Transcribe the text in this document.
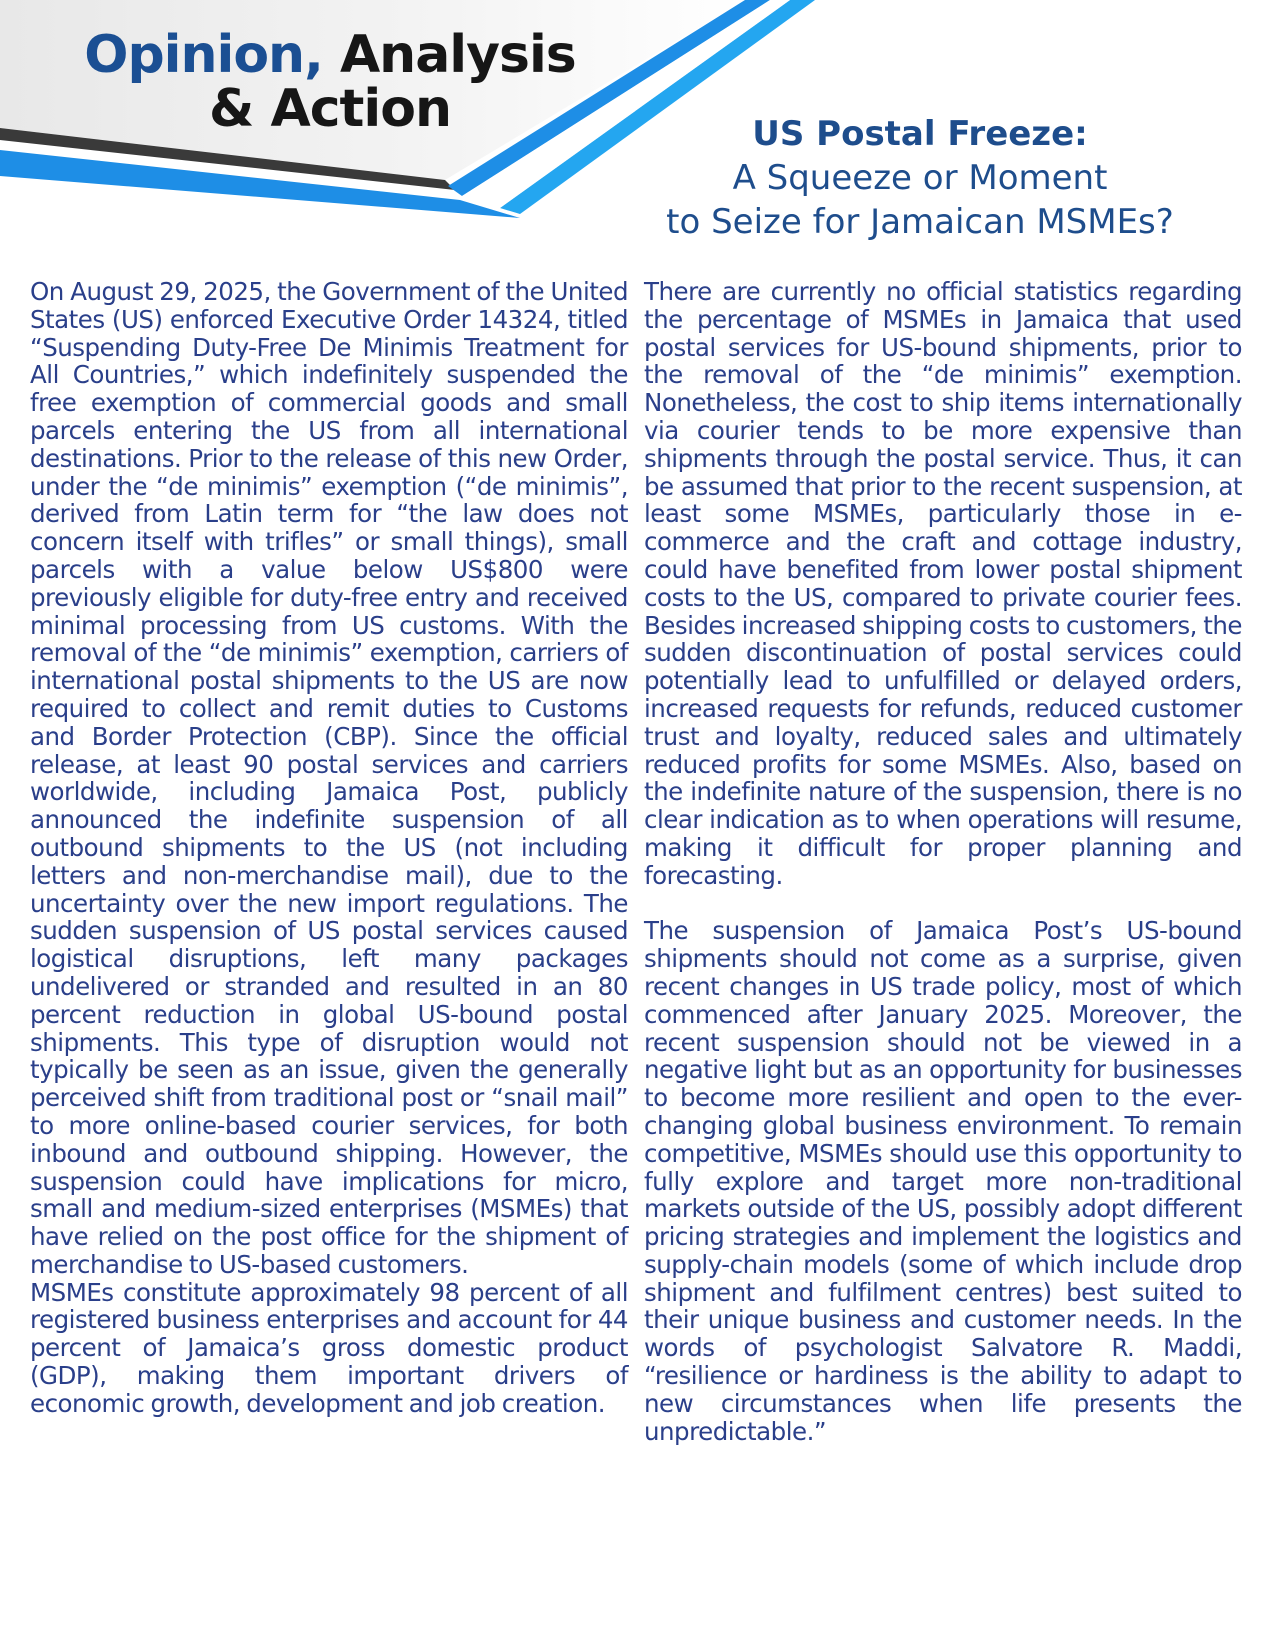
Opinion, Analysis
& Action	US Postal Freeze:
A Squeeze or Moment
to Seize for Jamaican MSMEs?

On August 29, 2025, the Government of the United States (US) enforced Executive Order 14324, titled “Suspending Duty-Free De Minimis Treatment for All Countries,” which indefinitely suspended the free exemption of commercial goods and small parcels entering the US from all international destinations. Prior to the release of this new Order, under the “de minimis” exemption (“de minimis”, derived from Latin term for “the law does not concern itself with trifles” or small things), small parcels with a value below US$800 were previously eligible for duty-free entry and received minimal processing from US customs. With the removal of the “de minimis” exemption, carriers of international postal shipments to the US are now required to collect and remit duties to Customs and Border Protection (CBP). Since the official release, at least 90 postal services and carriers worldwide, including Jamaica Post, publicly announced the indefinite suspension of all outbound shipments to the US (not including letters and non-merchandise mail), due to the uncertainty over the new import regulations. The sudden suspension of US postal services caused logistical disruptions, left many packages undelivered or stranded and resulted in an 80 percent reduction in global US-bound postal shipments. This type of disruption would not typically be seen as an issue, given the generally perceived shift from traditional post or “snail mail” to more online-based courier services, for both inbound and outbound shipping. However, the suspension could have implications for micro, small and medium-sized enterprises (MSMEs) that have relied on the post office for the shipment of merchandise to US-based customers.

MSMEs constitute approximately 98 percent of all registered business enterprises and account for 44 percent of Jamaica’s gross domestic product (GDP), making them important drivers of economic growth, development and job creation.

There are currently no official statistics regarding the percentage of MSMEs in Jamaica that used postal services for US-bound shipments, prior to the removal of the “de minimis” exemption. Nonetheless, the cost to ship items internationally via courier tends to be more expensive than shipments through the postal service. Thus, it can be assumed that prior to the recent suspension, at least some MSMEs, particularly those in e-commerce and the craft and cottage industry, could have benefited from lower postal shipment costs to the US, compared to private courier fees. Besides increased shipping costs to customers, the sudden discontinuation of postal services could potentially lead to unfulfilled or delayed orders, increased requests for refunds, reduced customer trust and loyalty, reduced sales and ultimately reduced profits for some MSMEs. Also, based on the indefinite nature of the suspension, there is no clear indication as to when operations will resume, making it difficult for proper planning and forecasting.

The suspension of Jamaica Post’s US-bound shipments should not come as a surprise, given recent changes in US trade policy, most of which commenced after January 2025. Moreover, the recent suspension should not be viewed in a negative light but as an opportunity for businesses to become more resilient and open to the ever-changing global business environment. To remain competitive, MSMEs should use this opportunity to fully explore and target more non-traditional markets outside of the US, possibly adopt different pricing strategies and implement the logistics and supply-chain models (some of which include drop shipment and fulfilment centres) best suited to their unique business and customer needs. In the words of psychologist Salvatore R. Maddi, “resilience or hardiness is the ability to adapt to new circumstances when life presents the unpredictable.”
